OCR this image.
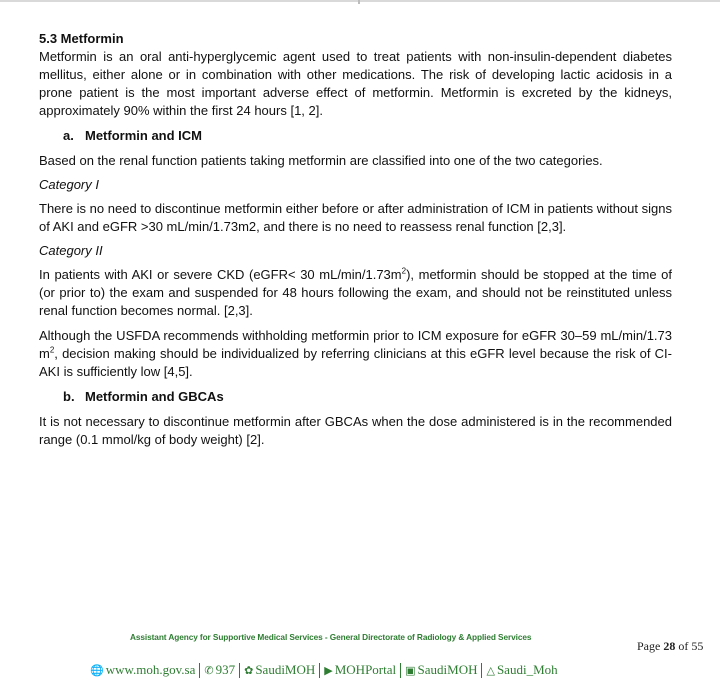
5.3 Metformin

Metformin is an oral anti-hyperglycemic agent used to treat patients with non-insulin-dependent diabetes mellitus, either alone or in combination with other medications. The risk of developing lactic acidosis in a prone patient is the most important adverse effect of metformin. Metformin is excreted by the kidneys, approximately 90% within the first 24 hours [1, 2].

a. Metformin and ICM

Based on the renal function patients taking metformin are classified into one of the two categories.

Category I

There is no need to discontinue metformin either before or after administration of ICM in patients without signs of AKI and eGFR >30 mL/min/1.73m2, and there is no need to reassess renal function [2,3].

Category II

In patients with AKI or severe CKD (eGFR< 30 $mL/\min/1.73m^2$), metformin should be stopped at the time of (or prior to) the exam and suspended for 48 hours following the exam, and should not be reinstituted unless renal function becomes normal. [2,3].

Although the USFDA recommends withholding metformin prior to ICM exposure for eGFR 30–59 mL/min/1.73 $m^2$, decision making should be individualized by referring clinicians at this eGFR level because the risk of CI-AKI is sufficiently low [4,5].

b. Metformin and GBCAs

It is not necessary to discontinue metformin after GBCAs when the dose administered is in the recommended range (0.1 mmol/kg of body weight) [2].

Assistant Agency for Supportive Medical Services - General Directorate of Radiology & Applied Services
Page 28 of 55
🌐 www.moh.gov.sa ✆ 937 ✿ SaudiMOH ▶ MOHPortal ▣ SaudiMOH △ Saudi_Moh
